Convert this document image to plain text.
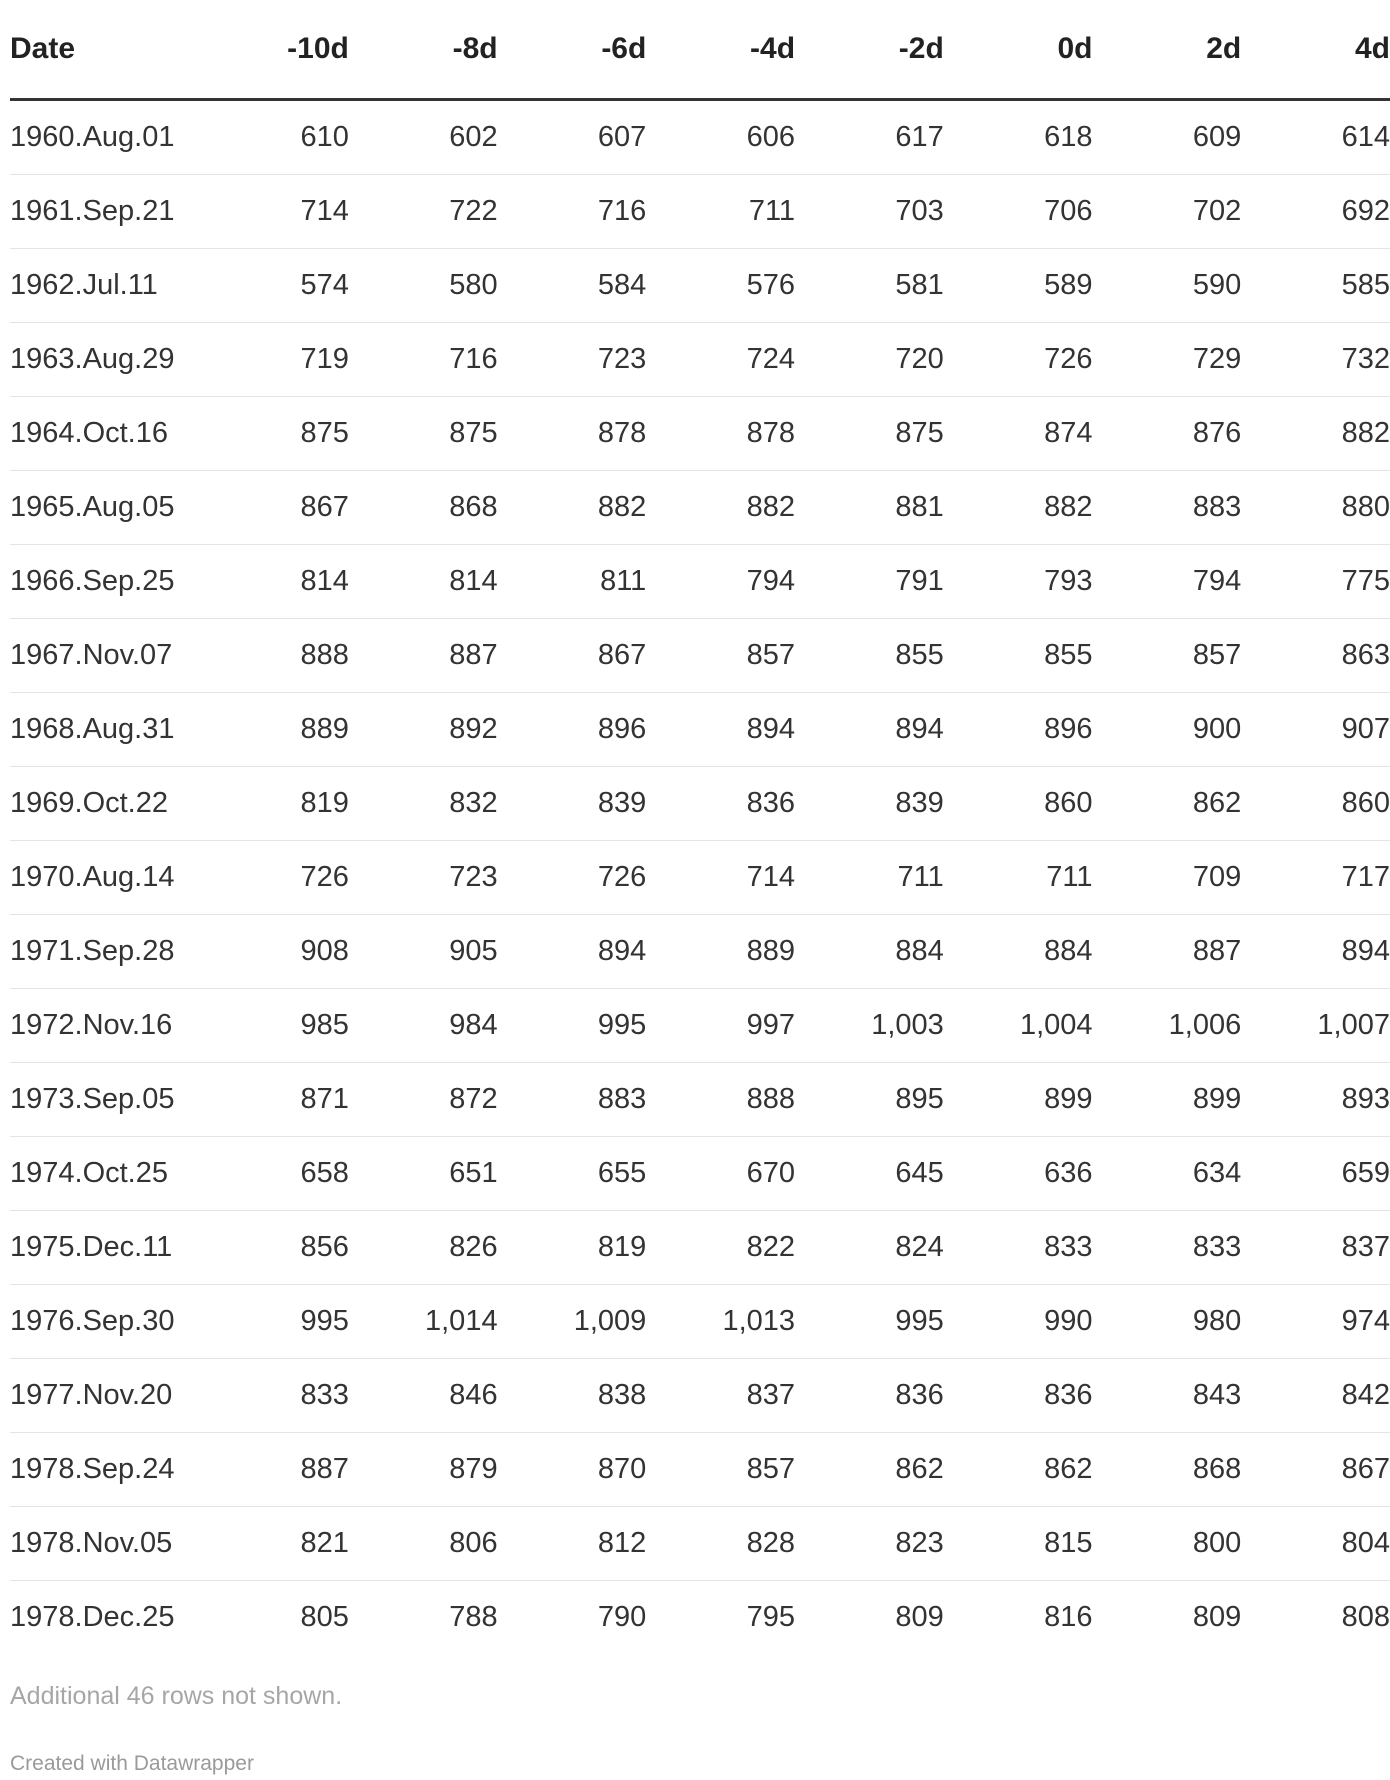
Date	-10d	-8d	-6d	-4d	-2d	0d	2d	4d
1960.Aug.01	610	602	607	606	617	618	609	614
1961.Sep.21	714	722	716	711	703	706	702	692
1962.Jul.11	574	580	584	576	581	589	590	585
1963.Aug.29	719	716	723	724	720	726	729	732
1964.Oct.16	875	875	878	878	875	874	876	882
1965.Aug.05	867	868	882	882	881	882	883	880
1966.Sep.25	814	814	811	794	791	793	794	775
1967.Nov.07	888	887	867	857	855	855	857	863
1968.Aug.31	889	892	896	894	894	896	900	907
1969.Oct.22	819	832	839	836	839	860	862	860
1970.Aug.14	726	723	726	714	711	711	709	717
1971.Sep.28	908	905	894	889	884	884	887	894
1972.Nov.16	985	984	995	997	1,003	1,004	1,006	1,007
1973.Sep.05	871	872	883	888	895	899	899	893
1974.Oct.25	658	651	655	670	645	636	634	659
1975.Dec.11	856	826	819	822	824	833	833	837
1976.Sep.30	995	1,014	1,009	1,013	995	990	980	974
1977.Nov.20	833	846	838	837	836	836	843	842
1978.Sep.24	887	879	870	857	862	862	868	867
1978.Nov.05	821	806	812	828	823	815	800	804
1978.Dec.25	805	788	790	795	809	816	809	808
Additional 46 rows not shown.
Created with Datawrapper
